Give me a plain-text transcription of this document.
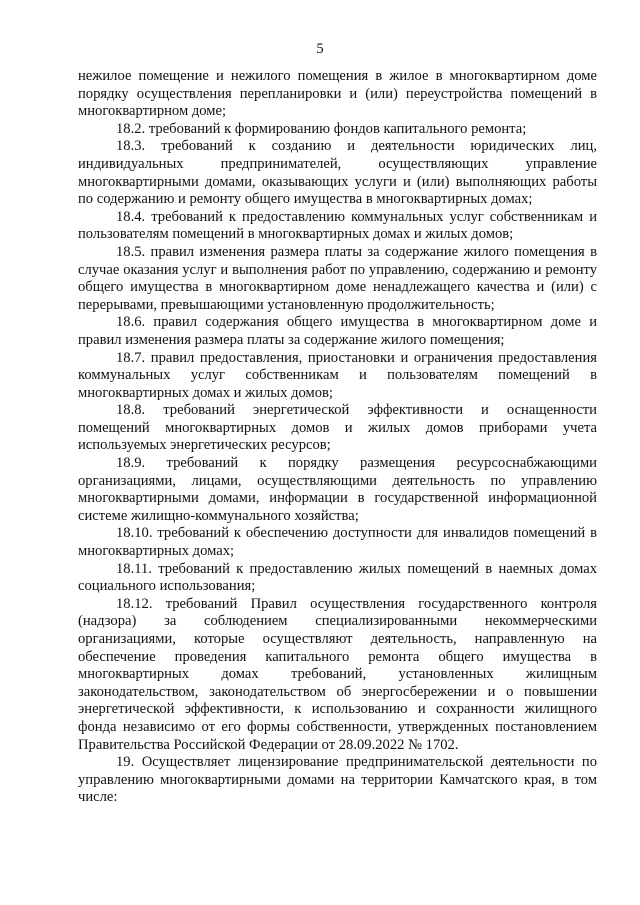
5

нежилое помещение и нежилого помещения в жилое в многоквартирном доме порядку осуществления перепланировки и (или) переустройства помещений в многоквартирном доме;

18.2. требований к формированию фондов капитального ремонта;

18.3. требований к созданию и деятельности юридических лиц, индивидуальных предпринимателей, осуществляющих управление многоквартирными домами, оказывающих услуги и (или) выполняющих работы по содержанию и ремонту общего имущества в многоквартирных домах;

18.4. требований к предоставлению коммунальных услуг собственникам и пользователям помещений в многоквартирных домах и жилых домов;

18.5. правил изменения размера платы за содержание жилого помещения в случае оказания услуг и выполнения работ по управлению, содержанию и ремонту общего имущества в многоквартирном доме ненадлежащего качества и (или) с перерывами, превышающими установленную продолжительность;

18.6. правил содержания общего имущества в многоквартирном доме и правил изменения размера платы за содержание жилого помещения;

18.7. правил предоставления, приостановки и ограничения предоставления коммунальных услуг собственникам и пользователям помещений в многоквартирных домах и жилых домов;

18.8. требований энергетической эффективности и оснащенности помещений многоквартирных домов и жилых домов приборами учета используемых энергетических ресурсов;

18.9. требований к порядку размещения ресурсоснабжающими организациями, лицами, осуществляющими деятельность по управлению многоквартирными домами, информации в государственной информационной системе жилищно-коммунального хозяйства;

18.10. требований к обеспечению доступности для инвалидов помещений в многоквартирных домах;

18.11. требований к предоставлению жилых помещений в наемных домах социального использования;

18.12. требований Правил осуществления государственного контроля (надзора) за соблюдением специализированными некоммерческими организациями, которые осуществляют деятельность, направленную на обеспечение проведения капитального ремонта общего имущества в многоквартирных домах требований, установленных жилищным законодательством, законодательством об энергосбережении и о повышении энергетической эффективности, к использованию и сохранности жилищного фонда независимо от его формы собственности, утвержденных постановлением Правительства Российской Федерации от 28.09.2022 № 1702.

19. Осуществляет лицензирование предпринимательской деятельности по управлению многоквартирными домами на территории Камчатского края, в том числе:
